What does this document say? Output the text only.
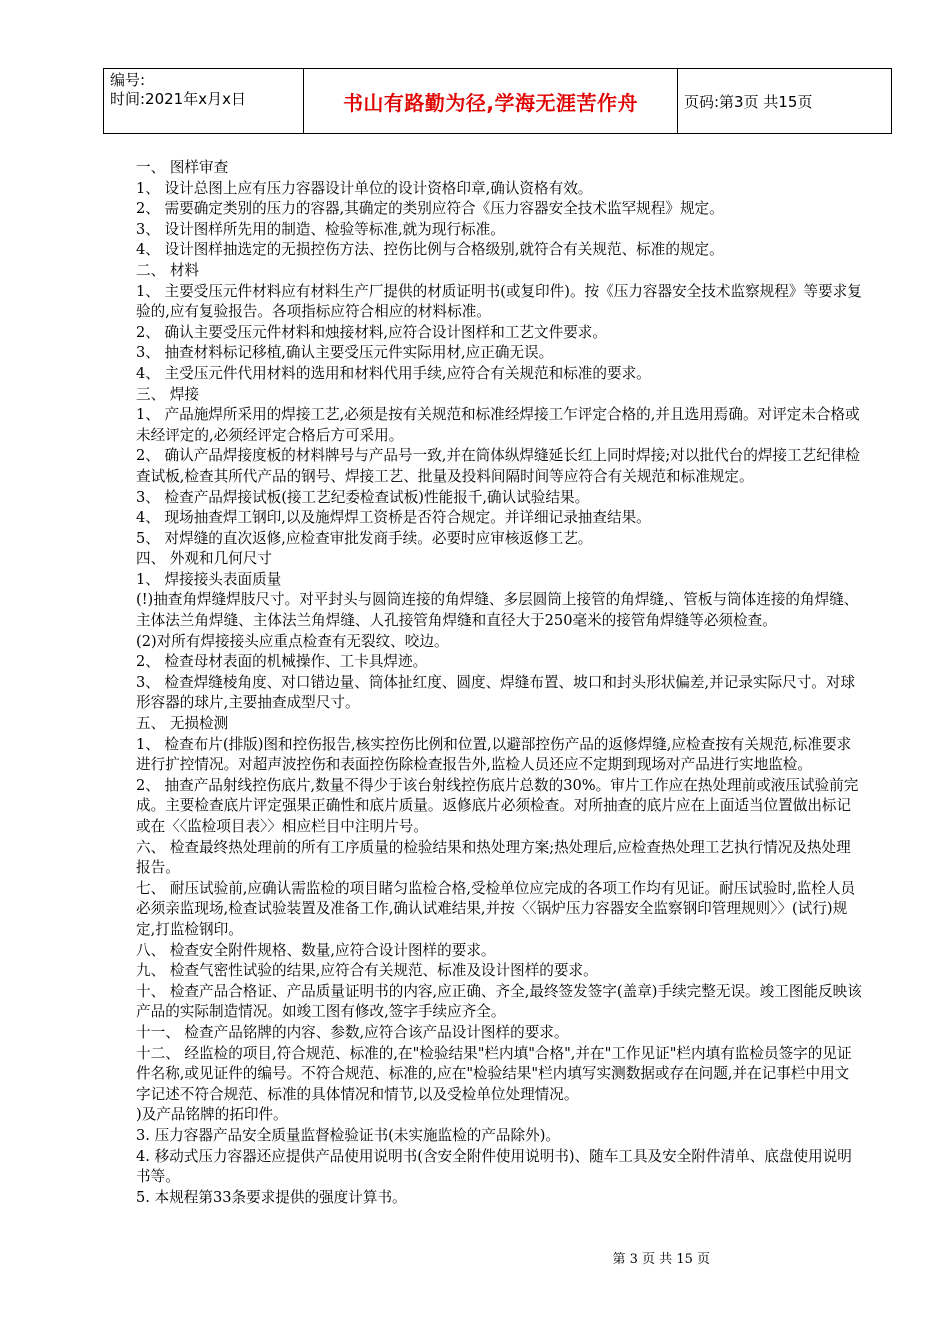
编号:
时间:2021年x月x日	书山有路勤为径,学海无涯苦作舟	页码:第3页 共15页

一、 图样审查

1、 设计总图上应有压力容器设计单位的设计资格印章,确认资格有效。

2、 需要确定类别的压力的容器,其确定的类别应符合《压力容器安全技术监罕规程》规定。

3、 设计图样所先用的制造、检验等标准,就为现行标准。

4、 设计图样抽选定的无损控伤方法、控伤比例与合格级别,就符合有关规范、标准的规定。

二、 材料

1、 主要受压元件材料应有材料生产厂提供的材质证明书(或复印件)。按《压力容器安全技术监察规程》等要求复验的,应有复验报告。各项指标应符合相应的材料标准。

2、 确认主要受压元件材料和烛接材料,应符合设计图样和工艺文件要求。

3、 抽查材料标记移植,确认主要受压元件实际用材,应正确无误。

4、 主受压元件代用材料的选用和材料代用手续,应符合有关规范和标准的要求。

三、 焊接

1、 产品施焊所采用的焊接工艺,必须是按有关规范和标准经焊接工乍评定合格的,并且选用焉确。对评定未合格或未经评定的,必须经评定合格后方可采用。

2、 确认产品焊接度板的材料牌号与产品号一致,并在筒体纵焊缝延长红上同时焊接;对以批代台的焊接工艺纪律检查试板,检查其所代产品的钢号、焊接工艺、批量及投料间隔时间等应符合有关规范和标准规定。

3、 检查产品焊接试板(接工艺纪委检查试板)性能报千,确认试验结果。

4、 现场抽查焊工钢印,以及施焊焊工资桥是否符合规定。并详细记录抽查结果。

5、 对焊缝的直次返修,应检查审批发商手续。必要时应审核返修工艺。

四、 外观和几何尺寸

1、 焊接接头表面质量

(!)抽查角焊缝焊肢尺寸。对平封头与圆筒连接的角焊缝、多层圆筒上接管的角焊缝,、管板与筒体连接的角焊缝、主体法兰角焊缝、主体法兰角焊缝、人孔接管角焊缝和直径大于250毫米的接管角焊缝等必须检查。

(2)对所有焊接接头应重点检查有无裂纹、咬边。

2、 检查母材表面的机械操作、工卡具焊迹。

3、 检查焊缝棱角度、对口错边量、筒体扯红度、圆度、焊缝布置、坡口和封头形状偏差,并记录实际尺寸。对球形容器的球片,主要抽查成型尺寸。

五、 无损检测

1、 检查布片(排版)图和控伤报告,核实控伤比例和位置,以避部控伤产品的返修焊缝,应检查按有关规范,标准要求进行扩控情况。对超声波控伤和表面控伤除检查报告外,监检人员还应不定期到现场对产品进行实地监检。

2、 抽查产品射线控伤底片,数量不得少于该台射线控伤底片总数的30%。审片工作应在热处理前或液压试验前完成。主要检查底片评定强果正确性和底片质量。返修底片必须检查。对所抽查的底片应在上面适当位置做出标记或在〈〈监检项目表〉〉相应栏目中注明片号。

六、 检查最终热处理前的所有工序质量的检验结果和热处理方案;热处理后,应检查热处理工艺执行情况及热处理报告。

七、 耐压试验前,应确认需监检的项目睹匀监检合格,受检单位应完成的各项工作均有见证。耐压试验时,监栓人员必须亲监现场,检查试验装置及准备工作,确认试难结果,并按〈〈锅炉压力容器安全监察钢印管理规则〉〉(试行)规定,打监检钢印。

八、 检查安全附件规格、数量,应符合设计图样的要求。

九、 检查气密性试验的结果,应符合有关规范、标准及设计图样的要求。

十、 检查产品合格证、产品质量证明书的内容,应正确、齐全,最终签发签字(盖章)手续完整无误。竣工图能反映该产品的实际制造情况。如竣工图有修改,签字手续应齐全。

十一、 检查产品铭牌的内容、参数,应符合该产品设计图样的要求。

十二、 经监检的项目,符合规范、标准的,在"检验结果"栏内填"合格",并在"工作见证"栏内填有监检员签字的见证件名称,或见证件的编号。不符合规范、标准的,应在"检验结果"栏内填写实测数据或存在问题,并在记事栏中用文字记述不符合规范、标准的具体情况和情节,以及受检单位处理情况。

)及产品铭牌的拓印件。

3. 压力容器产品安全质量监督检验证书(未实施监检的产品除外)。

4. 移动式压力容器还应提供产品使用说明书(含安全附件使用说明书)、随车工具及安全附件清单、底盘使用说明书等。

5. 本规程第33条要求提供的强度计算书。

第 3 页 共 15 页
